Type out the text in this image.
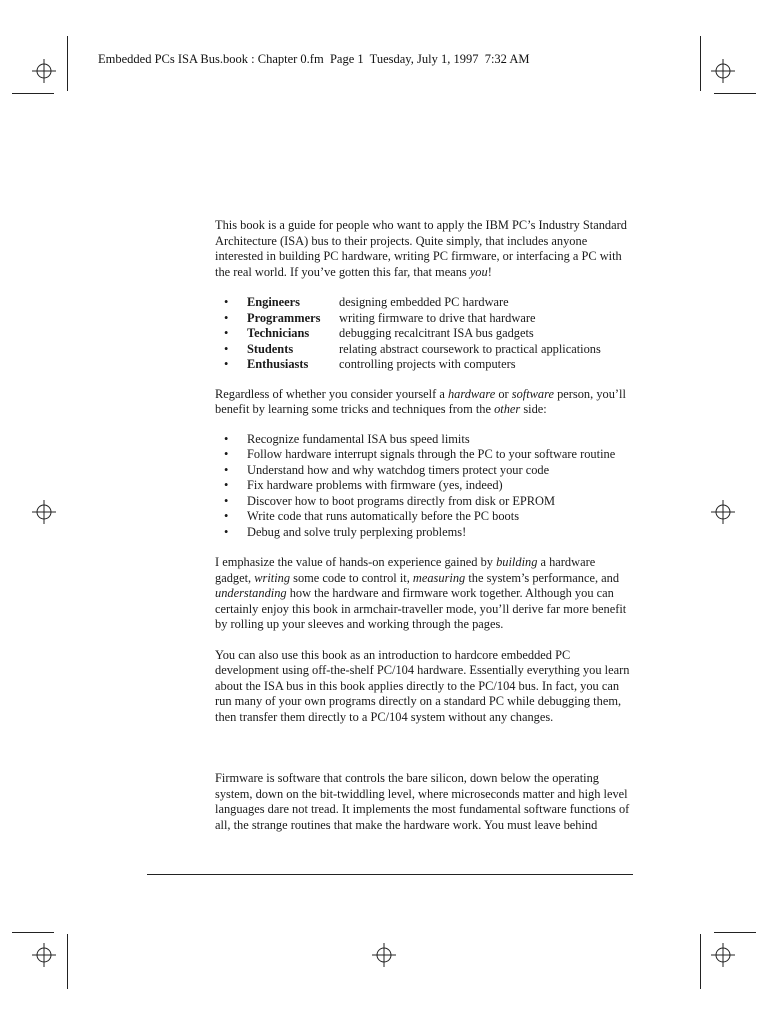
Embedded PCs ISA Bus.book : Chapter 0.fm  Page 1  Tuesday, July 1, 1997  7:32 AM

This book is a guide for people who want to apply the IBM PC’s Industry Standard Architecture (ISA) bus to their projects. Quite simply, that includes anyone interested in building PC hardware, writing PC firmware, or interfacing a PC with the real world. If you’ve gotten this far, that means you!

• Engineers	designing embedded PC hardware
• Programmers writing firmware to drive that hardware
• Technicians debugging recalcitrant ISA bus gadgets
• Students	relating abstract coursework to practical applications
• Enthusiasts controlling projects with computers

Regardless of whether you consider yourself a hardware or software person, you’ll benefit by learning some tricks and techniques from the other side:

• Recognize fundamental ISA bus speed limits
• Follow hardware interrupt signals through the PC to your software routine
• Understand how and why watchdog timers protect your code
• Fix hardware problems with firmware (yes, indeed)
• Discover how to boot programs directly from disk or EPROM
• Write code that runs automatically before the PC boots
• Debug and solve truly perplexing problems!

I emphasize the value of hands-on experience gained by building a hardware gadget, writing some code to control it, measuring the system’s performance, and understanding how the hardware and firmware work together. Although you can certainly enjoy this book in armchair-traveller mode, you’ll derive far more benefit by rolling up your sleeves and working through the pages.

You can also use this book as an introduction to hardcore embedded PC development using off-the-shelf PC/104 hardware. Essentially everything you learn about the ISA bus in this book applies directly to the PC/104 bus. In fact, you can run many of your own programs directly on a standard PC while debugging them, then transfer them directly to a PC/104 system without any changes.

Firmware is software that controls the bare silicon, down below the operating system, down on the bit-twiddling level, where microseconds matter and high level languages dare not tread. It implements the most fundamental software functions of all, the strange routines that make the hardware work. You must leave behind
